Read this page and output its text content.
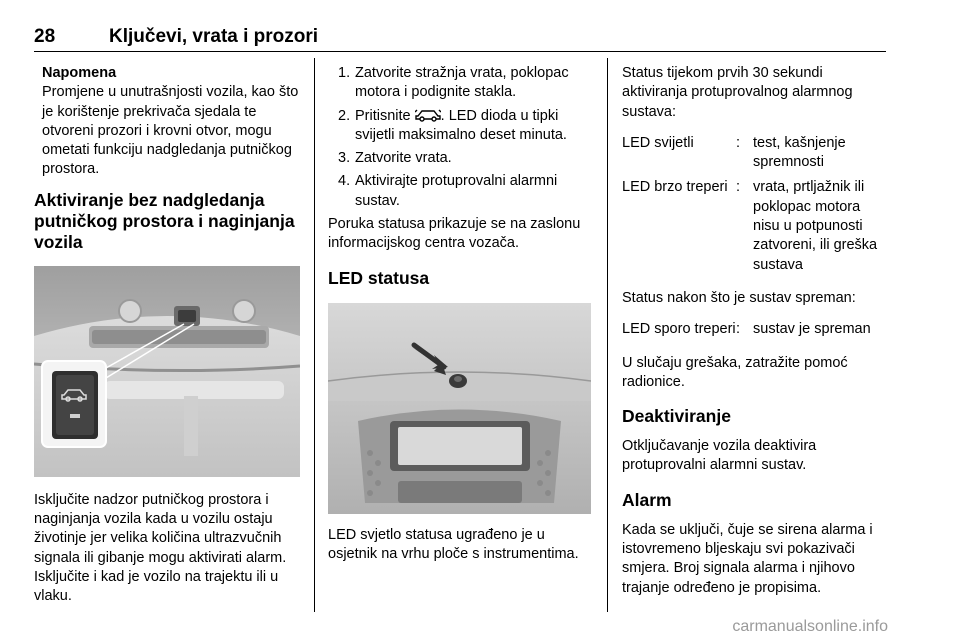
28	Ključevi, vrata i prozori

Napomena

Promjene u unutrašnjosti vozila, kao što je korištenje prekrivača sjedala te otvoreni prozori i krovni otvor, mogu ometati funkciju nadgledanja putničkog prostora.

Aktiviranje bez nadgledanja putničkog prostora i naginjanja vozila

Isključite nadzor putničkog prostora i naginjanja vozila kada u vozilu ostaju životinje jer velika količina ultrazvučnih signala ili gibanje mogu aktivirati alarm. Isključite i kad je vozilo na trajektu ili u vlaku.

1. Zatvorite stražnja vrata, poklopac motora i podignite stakla.
2. Pritisnite . LED dioda u tipki svijetli maksimalno deset minuta.
3. Zatvorite vrata.
4. Aktivirajte protuprovalni alarmni sustav.

Poruka statusa prikazuje se na zaslonu informacijskog centra vozača.

LED statusa

LED svjetlo statusa ugrađeno je u osjetnik na vrhu ploče s instrumentima.

Status tijekom prvih 30 sekundi aktiviranja protuprovalnog alarmnog sustava:

LED svijetli	:	test, kašnjenje spremnosti
LED brzo treperi	:	vrata, prtljažnik ili poklopac motora nisu u potpunosti zatvoreni, ili greška sustava

Status nakon što je sustav spreman:

LED sporo treperi	:	sustav je spreman

U slučaju grešaka, zatražite pomoć radionice.

Deaktiviranje

Otključavanje vozila deaktivira protuprovalni alarmni sustav.

Alarm

Kada se uključi, čuje se sirena alarma i istovremeno bljeskaju svi pokazivači smjera. Broj signala alarma i njihovo trajanje određeno je propisima.

carmanualsonline.info
